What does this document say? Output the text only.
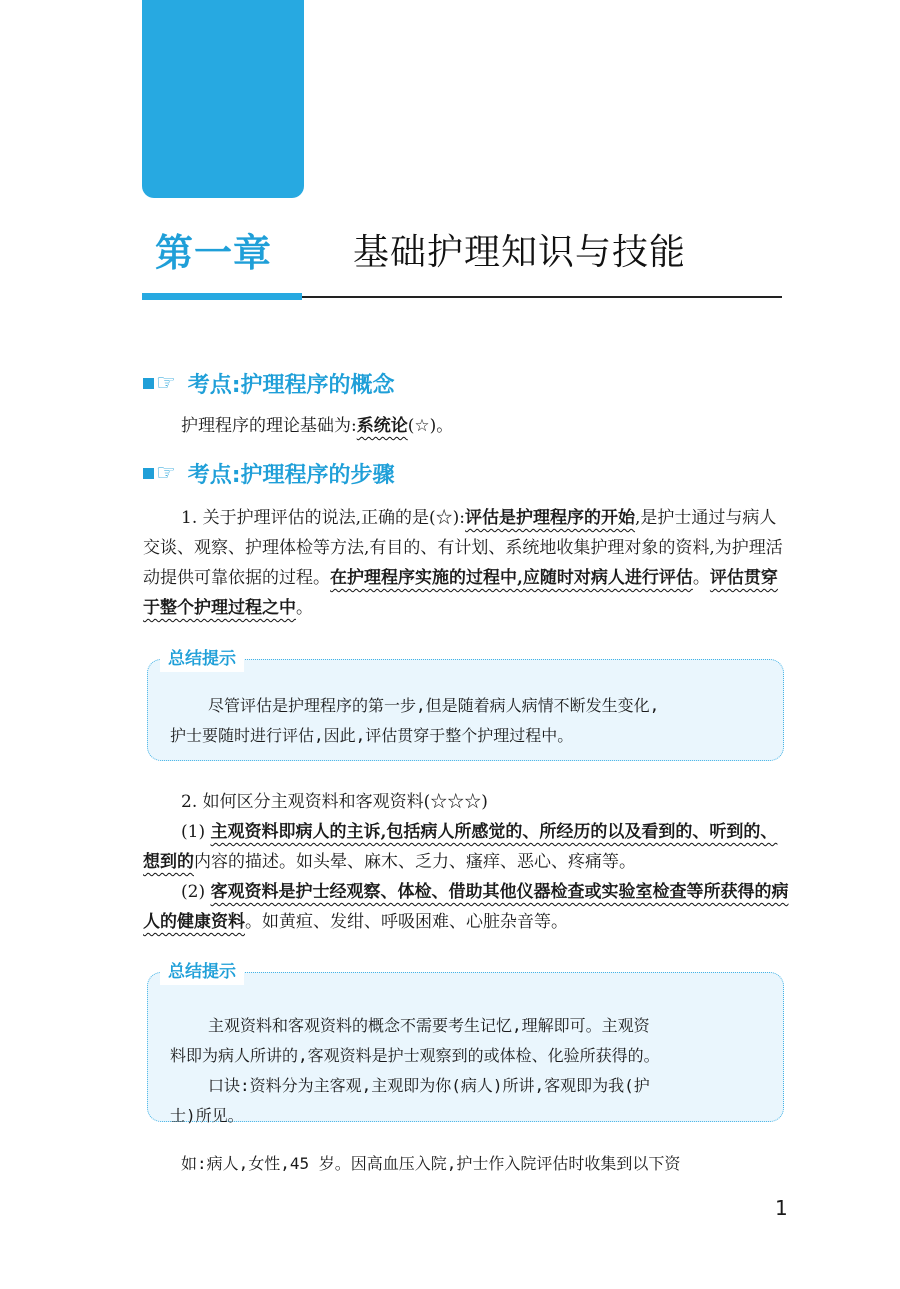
第一章 基础护理知识与技能
☞ 考点:护理程序的概念

护理程序的理论基础为:系统论(☆)。

☞ 考点:护理程序的步骤

1. 关于护理评估的说法,正确的是(☆):评估是护理程序的开始,是护士通过与病人交谈、观察、护理体检等方法,有目的、有计划、系统地收集护理对象的资料,为护理活动提供可靠依据的过程。在护理程序实施的过程中,应随时对病人进行评估。评估贯穿于整个护理过程之中。

总结提示

尽管评估是护理程序的第一步,但是随着病人病情不断发生变化,
护士要随时进行评估,因此,评估贯穿于整个护理过程中。

2. 如何区分主观资料和客观资料(☆☆☆)

(1) 主观资料即病人的主诉,包括病人所感觉的、所经历的以及看到的、听到的、想到的内容的描述。如头晕、麻木、乏力、瘙痒、恶心、疼痛等。

(2) 客观资料是护士经观察、体检、借助其他仪器检查或实验室检查等所获得的病人的健康资料。如黄疸、发绀、呼吸困难、心脏杂音等。

总结提示

主观资料和客观资料的概念不需要考生记忆,理解即可。主观资
料即为病人所讲的,客观资料是护士观察到的或体检、化验所获得的。
口诀:资料分为主客观,主观即为你(病人)所讲,客观即为我(护
士)所见。

如:病人,女性,45 岁。因高血压入院,护士作入院评估时收集到以下资

1
